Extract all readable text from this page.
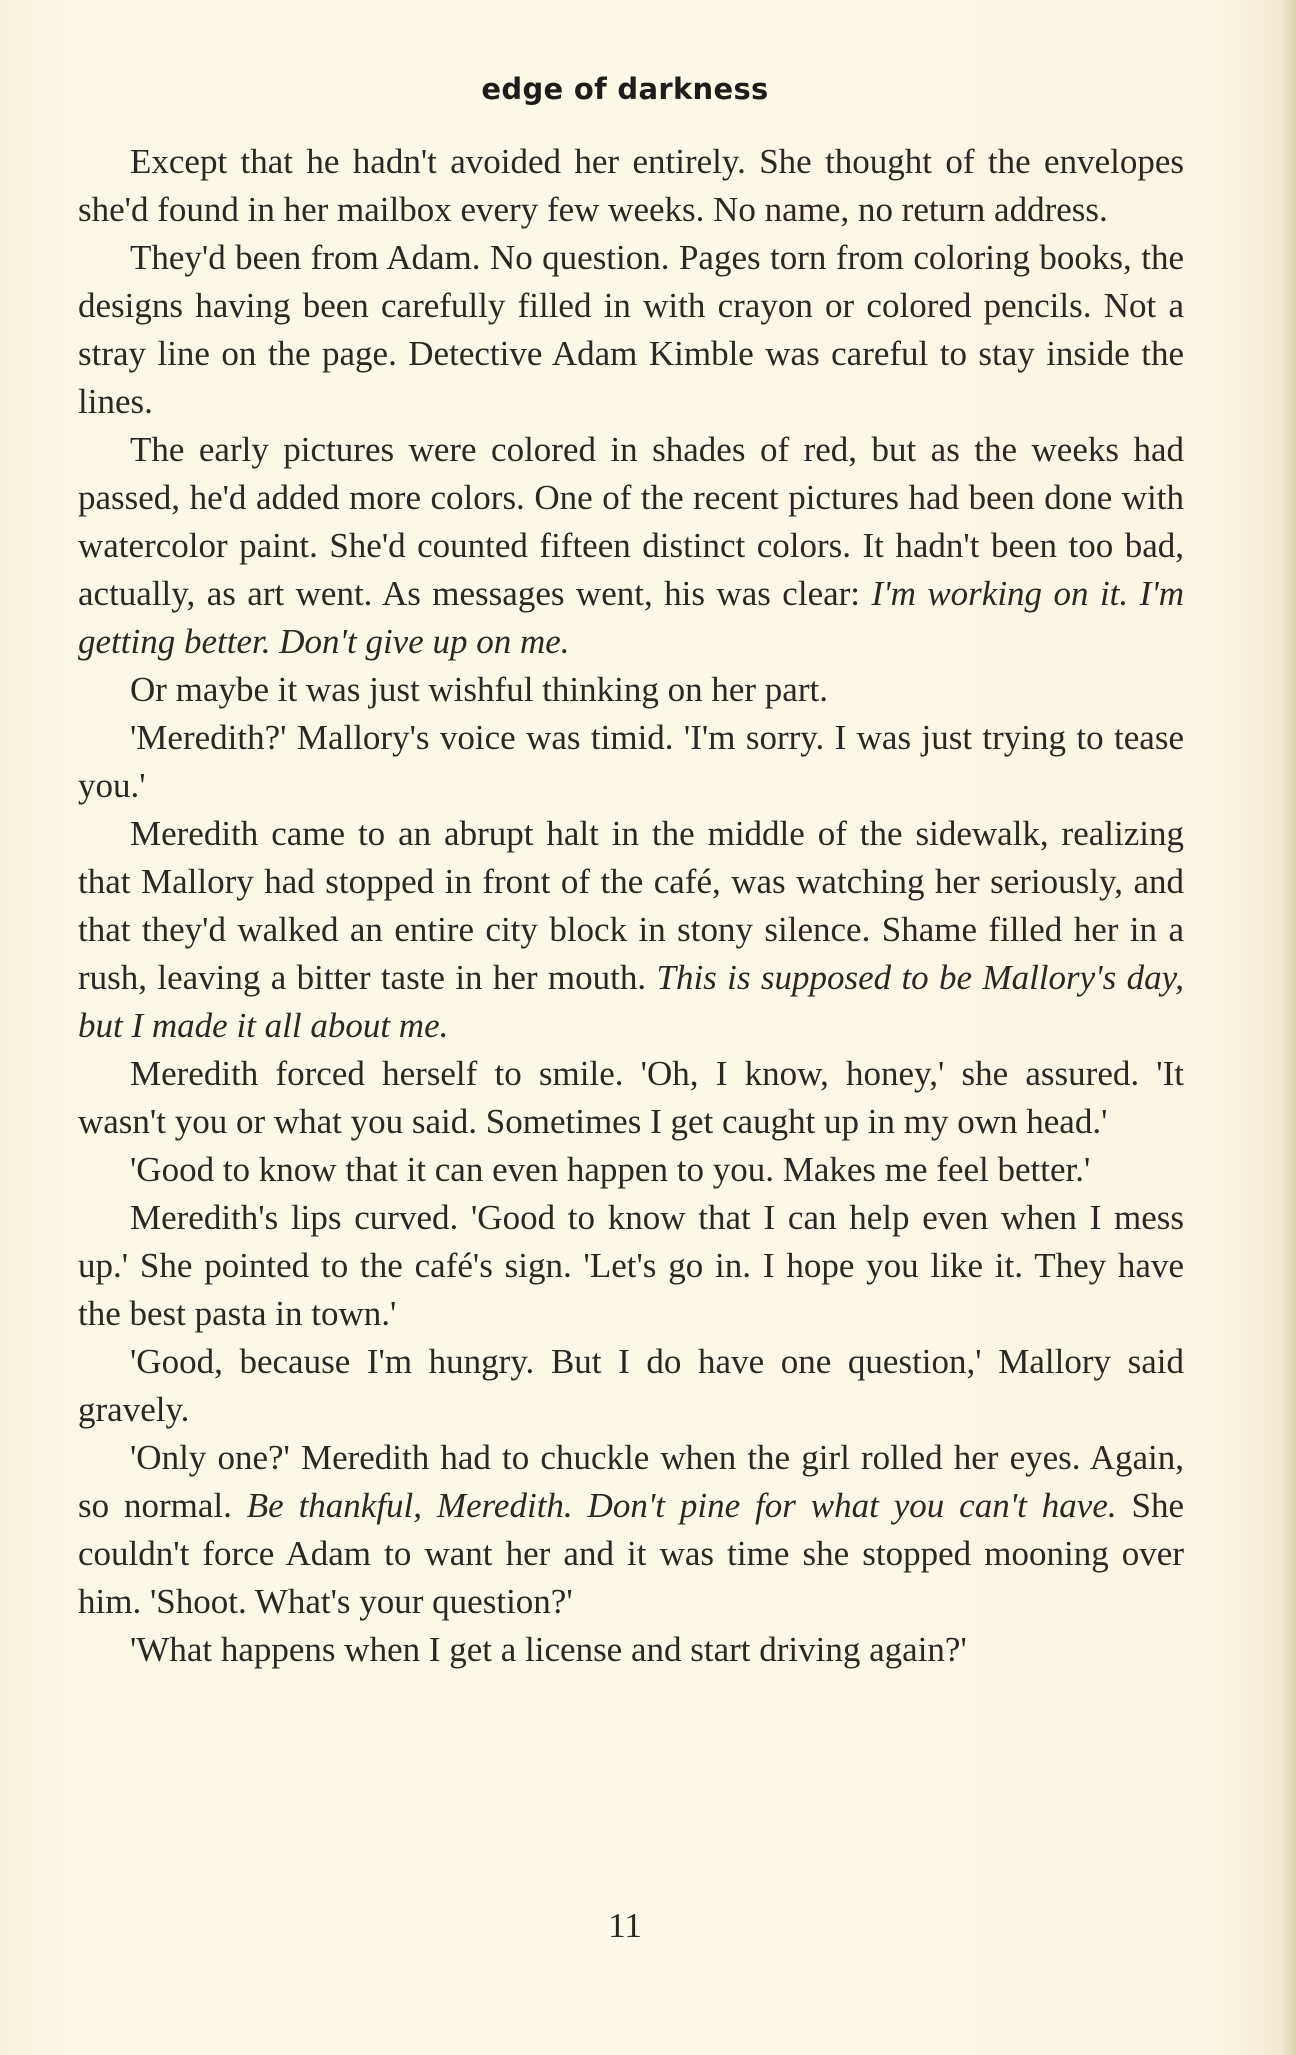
edge of darkness

Except that he hadn't avoided her entirely. She thought of the envelopes she'd found in her mailbox every few weeks. No name, no return address.

They'd been from Adam. No question. Pages torn from coloring books, the designs having been carefully filled in with crayon or colored pencils. Not a stray line on the page. Detective Adam Kimble was careful to stay inside the lines.

The early pictures were colored in shades of red, but as the weeks had passed, he'd added more colors. One of the recent pictures had been done with watercolor paint. She'd counted fifteen distinct colors. It hadn't been too bad, actually, as art went. As messages went, his was clear: I'm working on it. I'm getting better. Don't give up on me.

Or maybe it was just wishful thinking on her part.

'Meredith?' Mallory's voice was timid. 'I'm sorry. I was just trying to tease you.'

Meredith came to an abrupt halt in the middle of the sidewalk, realizing that Mallory had stopped in front of the café, was watching her seriously, and that they'd walked an entire city block in stony silence. Shame filled her in a rush, leaving a bitter taste in her mouth. This is supposed to be Mallory's day, but I made it all about me.

Meredith forced herself to smile. 'Oh, I know, honey,' she assured. 'It wasn't you or what you said. Sometimes I get caught up in my own head.'

'Good to know that it can even happen to you. Makes me feel better.'

Meredith's lips curved. 'Good to know that I can help even when I mess up.' She pointed to the café's sign. 'Let's go in. I hope you like it. They have the best pasta in town.'

'Good, because I'm hungry. But I do have one question,' Mallory said gravely.

'Only one?' Meredith had to chuckle when the girl rolled her eyes. Again, so normal. Be thankful, Meredith. Don't pine for what you can't have. She couldn't force Adam to want her and it was time she stopped mooning over him. 'Shoot. What's your question?'

'What happens when I get a license and start driving again?'

11
